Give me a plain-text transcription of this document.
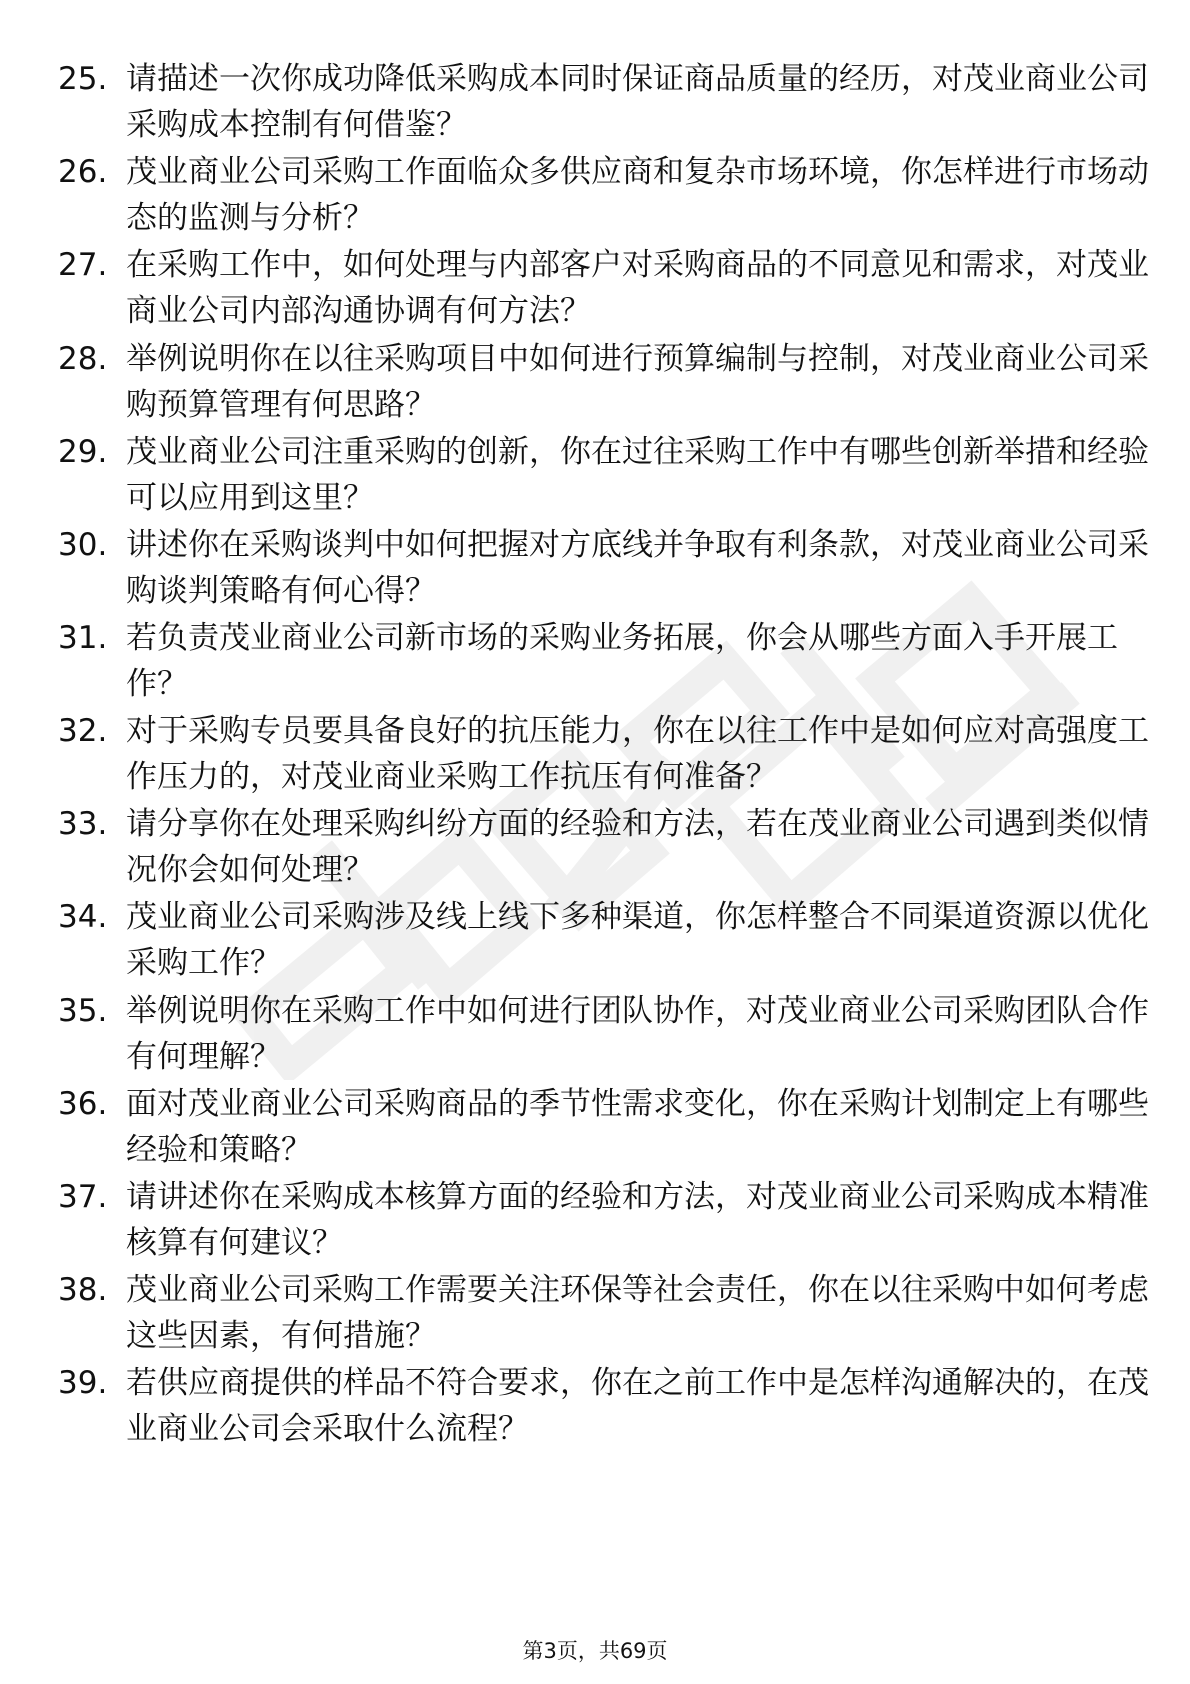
25. 请描述一次你成功降低采购成本同时保证商品质量的经历，对茂业商业公司采购成本控制有何借鉴？
26. 茂业商业公司采购工作面临众多供应商和复杂市场环境，你怎样进行市场动态的监测与分析？
27. 在采购工作中，如何处理与内部客户对采购商品的不同意见和需求，对茂业商业公司内部沟通协调有何方法？
28. 举例说明你在以往采购项目中如何进行预算编制与控制，对茂业商业公司采购预算管理有何思路？
29. 茂业商业公司注重采购的创新，你在过往采购工作中有哪些创新举措和经验可以应用到这里？
30. 讲述你在采购谈判中如何把握对方底线并争取有利条款，对茂业商业公司采购谈判策略有何心得？
31. 若负责茂业商业公司新市场的采购业务拓展，你会从哪些方面入手开展工作？
32. 对于采购专员要具备良好的抗压能力，你在以往工作中是如何应对高强度工作压力的，对茂业商业采购工作抗压有何准备？
33. 请分享你在处理采购纠纷方面的经验和方法，若在茂业商业公司遇到类似情况你会如何处理？
34. 茂业商业公司采购涉及线上线下多种渠道，你怎样整合不同渠道资源以优化采购工作？
35. 举例说明你在采购工作中如何进行团队协作，对茂业商业公司采购团队合作有何理解？
36. 面对茂业商业公司采购商品的季节性需求变化，你在采购计划制定上有哪些经验和策略？
37. 请讲述你在采购成本核算方面的经验和方法，对茂业商业公司采购成本精准核算有何建议？
38. 茂业商业公司采购工作需要关注环保等社会责任，你在以往采购中如何考虑这些因素，有何措施？
39. 若供应商提供的样品不符合要求，你在之前工作中是怎样沟通解决的，在茂业商业公司会采取什么流程？
第3页，共69页
